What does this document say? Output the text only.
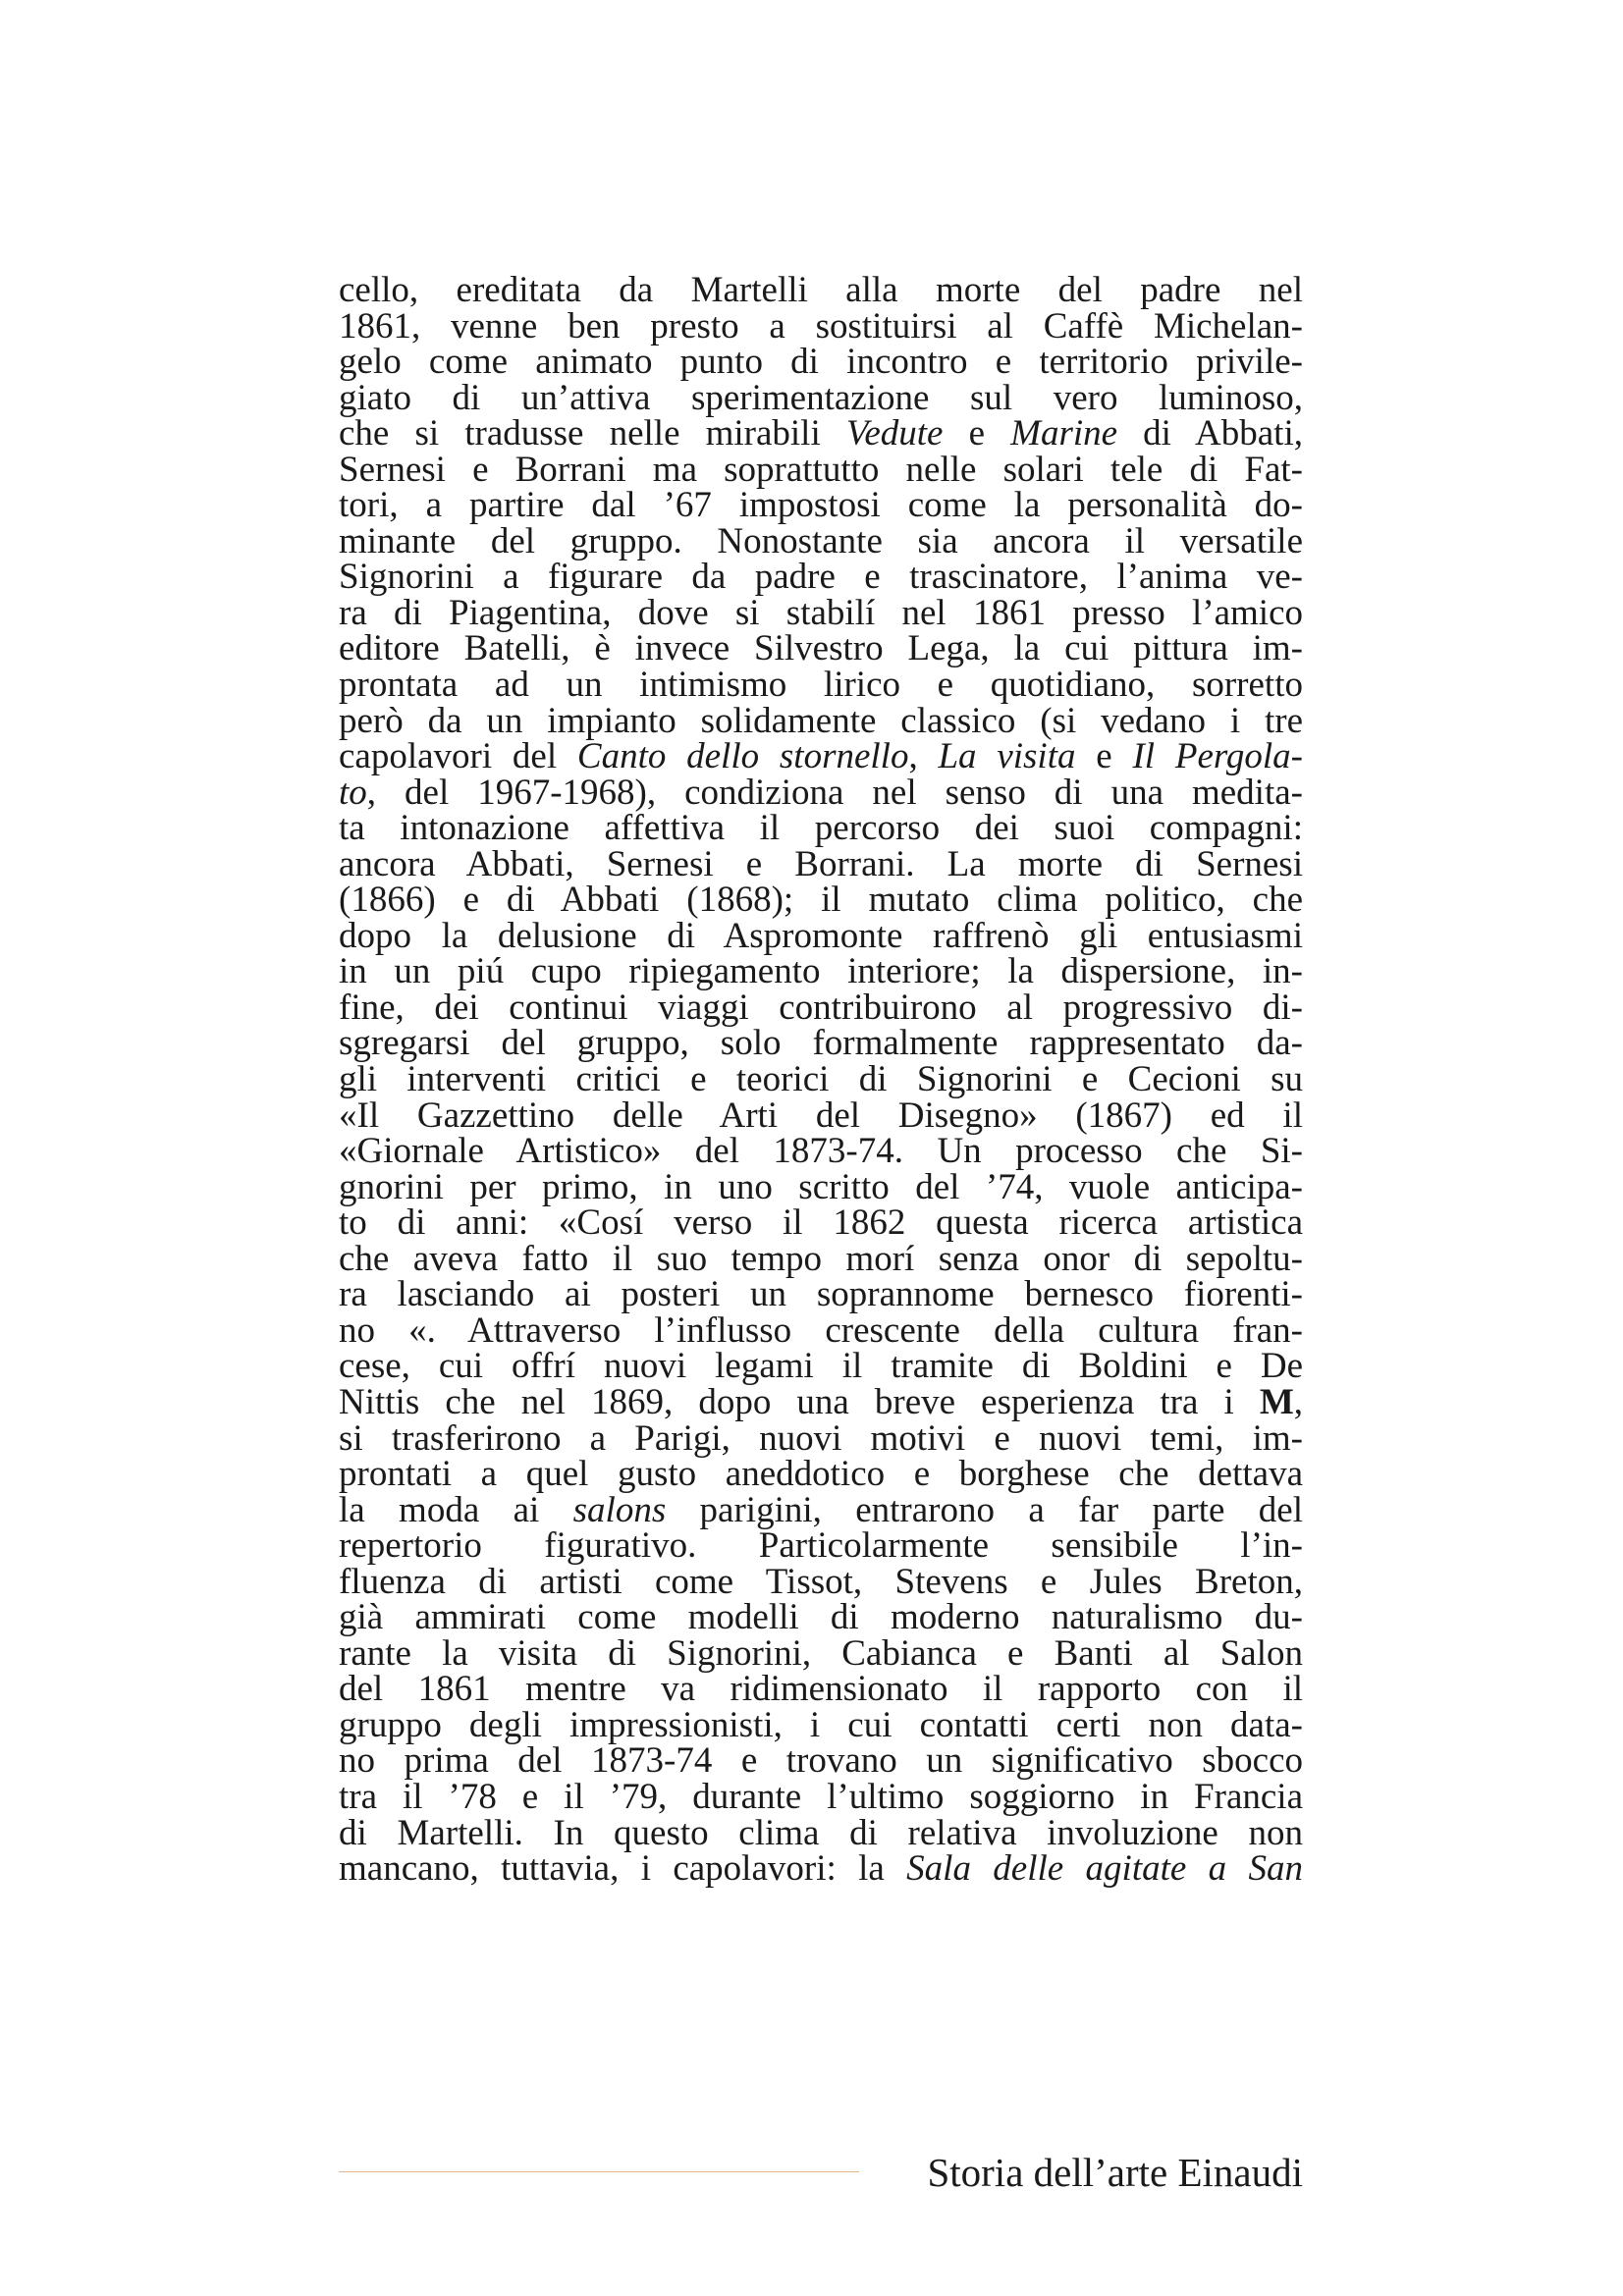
cello, ereditata da Martelli alla morte del padre nel
1861, venne ben presto a sostituirsi al Caffè Michelan-
gelo come animato punto di incontro e territorio privile-
giato di un’attiva sperimentazione sul vero luminoso,
che si tradusse nelle mirabili Vedute e Marine di Abbati,
Sernesi e Borrani ma soprattutto nelle solari tele di Fat-
tori, a partire dal ’67 impostosi come la personalità do-
minante del gruppo. Nonostante sia ancora il versatile
Signorini a figurare da padre e trascinatore, l’anima ve-
ra di Piagentina, dove si stabilí nel 1861 presso l’amico
editore Batelli, è invece Silvestro Lega, la cui pittura im-
prontata ad un intimismo lirico e quotidiano, sorretto
però da un impianto solidamente classico (si vedano i tre
capolavori del Canto dello stornello, La visita e Il Pergola-
to, del 1967-1968), condiziona nel senso di una medita-
ta intonazione affettiva il percorso dei suoi compagni:
ancora Abbati, Sernesi e Borrani. La morte di Sernesi
(1866) e di Abbati (1868); il mutato clima politico, che
dopo la delusione di Aspromonte raffrenò gli entusiasmi
in un piú cupo ripiegamento interiore; la dispersione, in-
fine, dei continui viaggi contribuirono al progressivo di-
sgregarsi del gruppo, solo formalmente rappresentato da-
gli interventi critici e teorici di Signorini e Cecioni su
«Il Gazzettino delle Arti del Disegno» (1867) ed il
«Giornale Artistico» del 1873-74. Un processo che Si-
gnorini per primo, in uno scritto del ’74, vuole anticipa-
to di anni: «Cosí verso il 1862 questa ricerca artistica
che aveva fatto il suo tempo morí senza onor di sepoltu-
ra lasciando ai posteri un soprannome bernesco fiorenti-
no «. Attraverso l’influsso crescente della cultura fran-
cese, cui offrí nuovi legami il tramite di Boldini e De
Nittis che nel 1869, dopo una breve esperienza tra i M,
si trasferirono a Parigi, nuovi motivi e nuovi temi, im-
prontati a quel gusto aneddotico e borghese che dettava
la moda ai salons parigini, entrarono a far parte del
repertorio figurativo. Particolarmente sensibile l’in-
fluenza di artisti come Tissot, Stevens e Jules Breton,
già ammirati come modelli di moderno naturalismo du-
rante la visita di Signorini, Cabianca e Banti al Salon
del 1861 mentre va ridimensionato il rapporto con il
gruppo degli impressionisti, i cui contatti certi non data-
no prima del 1873-74 e trovano un significativo sbocco
tra il ’78 e il ’79, durante l’ultimo soggiorno in Francia
di Martelli. In questo clima di relativa involuzione non
mancano, tuttavia, i capolavori: la Sala delle agitate a San
Storia dell’arte Einaudi
